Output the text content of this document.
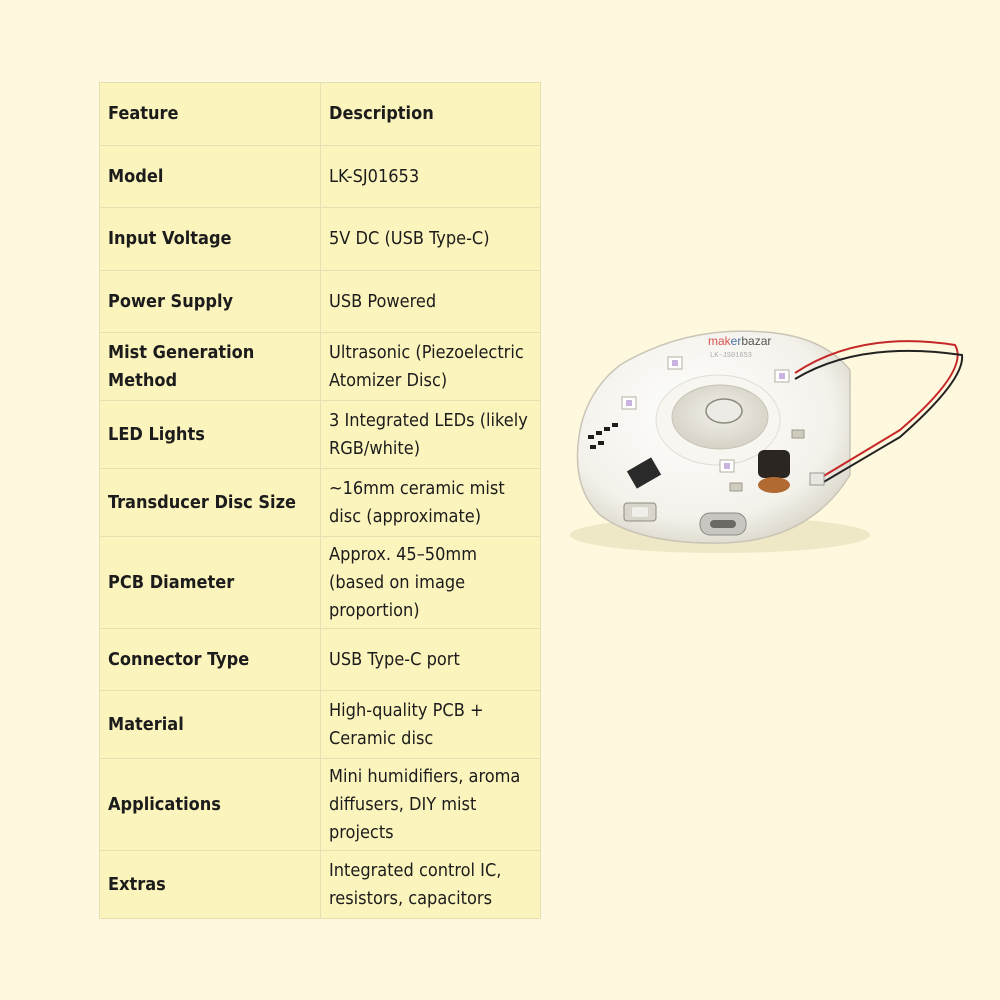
Feature	Description
Model	LK-SJ01653
Input Voltage	5V DC (USB Type-C)
Power Supply	USB Powered
Mist Generation Method	Ultrasonic (Piezoelectric Atomizer Disc)
LED Lights	3 Integrated LEDs (likely RGB/white)
Transducer Disc Size	~16mm ceramic mist disc (approximate)
PCB Diameter	Approx. 45–50mm (based on image proportion)
Connector Type	USB Type-C port
Material	High-quality PCB + Ceramic disc
Applications	Mini humidifiers, aroma diffusers, DIY mist projects
Extras	Integrated control IC, resistors, capacitors
makerbazar
LK-JS01653
